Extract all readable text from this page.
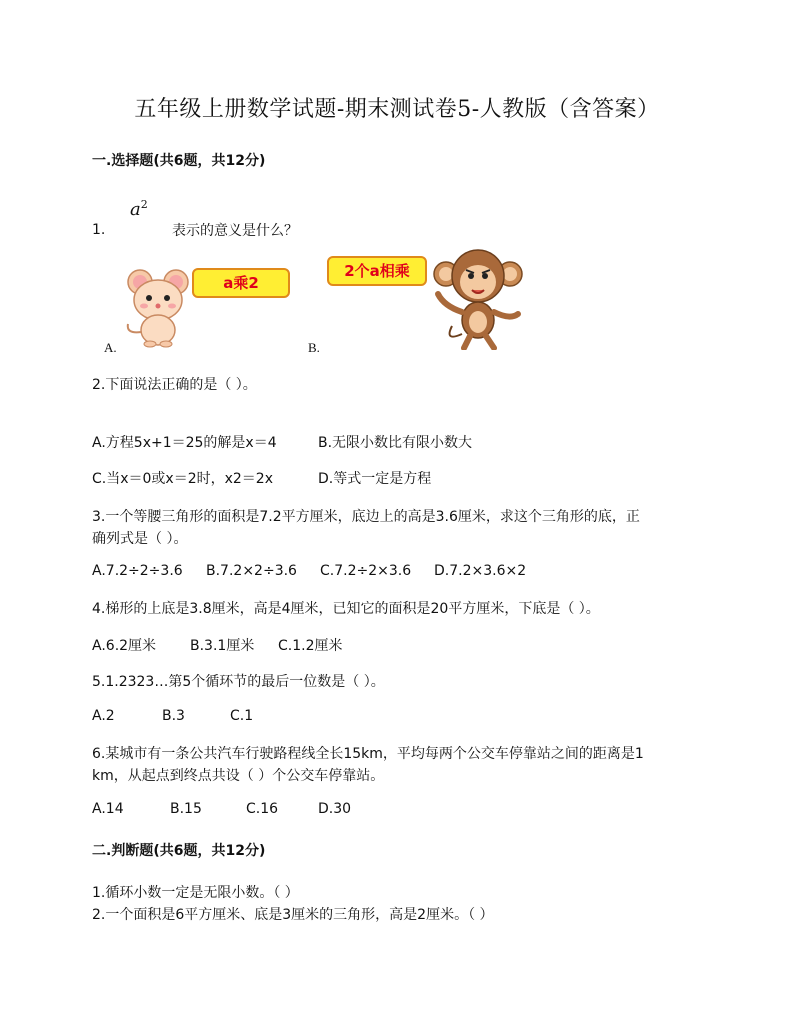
五年级上册数学试题-期末测试卷5-人教版（含答案）
一.选择题(共6题，共12分)
1.
$a^2$
表示的意义是什么？
a乘2
A.
2个a相乘
B.
2.下面说法正确的是（ ）。
A.方程5x+1＝25的解是x＝4	B.无限小数比有限小数大
C.当x＝0或x＝2时，x2＝2x	D.等式一定是方程
3.一个等腰三角形的面积是7.2平方厘米，底边上的高是3.6厘米，求这个三角形的底，正
确列式是（ ）。
A.7.2÷2÷3.6 B.7.2×2÷3.6 C.7.2÷2×3.6 D.7.2×3.6×2
4.梯形的上底是3.8厘米，高是4厘米，已知它的面积是20平方厘米，下底是（ ）。
A.6.2厘米 B.3.1厘米 C.1.2厘米
5.1.2323…第5个循环节的最后一位数是（ ）。
A.2	B.3	C.1
6.某城市有一条公共汽车行驶路程线全长15km，平均每两个公交车停靠站之间的距离是1
km，从起点到终点共设（ ）个公交车停靠站。
A.14	B.15	C.16	D.30
二.判断题(共6题，共12分)
1.循环小数一定是无限小数。（ ）
2.一个面积是6平方厘米、底是3厘米的三角形，高是2厘米。（ ）
